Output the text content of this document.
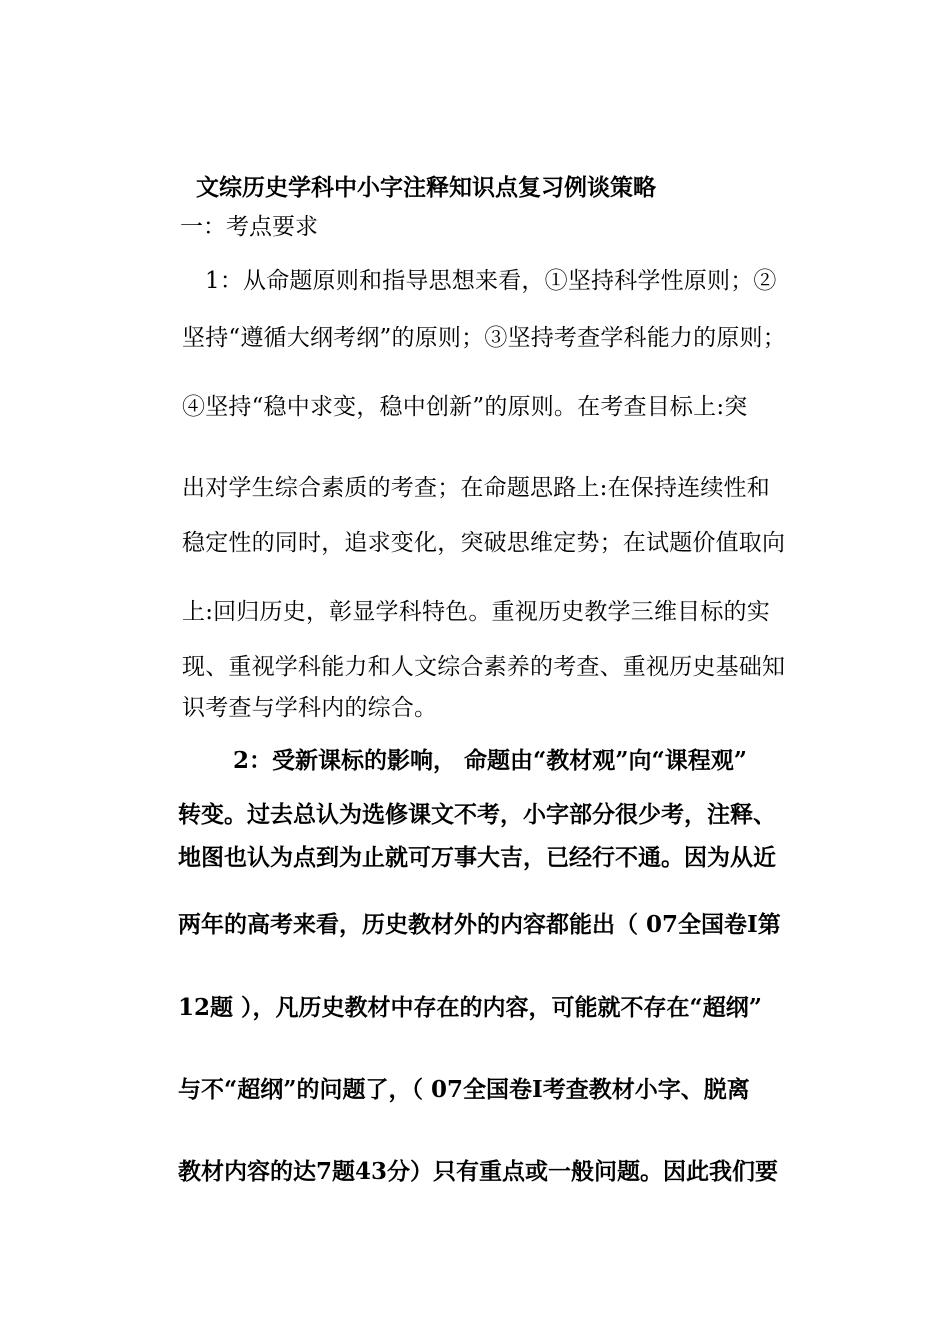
文综历史学科中小字注释知识点复习例谈策略
一：考点要求
1：从命题原则和指导思想来看，①坚持科学性原则；②
坚持“遵循大纲考纲”的原则；③坚持考查学科能力的原则；
④坚持“稳中求变，稳中创新”的原则。在考查目标上:突
出对学生综合素质的考查；在命题思路上:在保持连续性和
稳定性的同时，追求变化，突破思维定势；在试题价值取向
上:回归历史，彰显学科特色。重视历史教学三维目标的实
现、重视学科能力和人文综合素养的考查、重视历史基础知
识考查与学科内的综合。
2：受新课标的影响， 命题由“教材观”向“课程观”
转变。过去总认为选修课文不考，小字部分很少考，注释、
地图也认为点到为止就可万事大吉，已经行不通。因为从近
两年的高考来看，历史教材外的内容都能出（ 07全国卷Ⅰ第
12题 ），凡历史教材中存在的内容，可能就不存在“超纲”
与不“超纲”的问题了，（ 07全国卷Ⅰ考查教材小字、脱离
教材内容的达7题43分）只有重点或一般问题。因此我们要
